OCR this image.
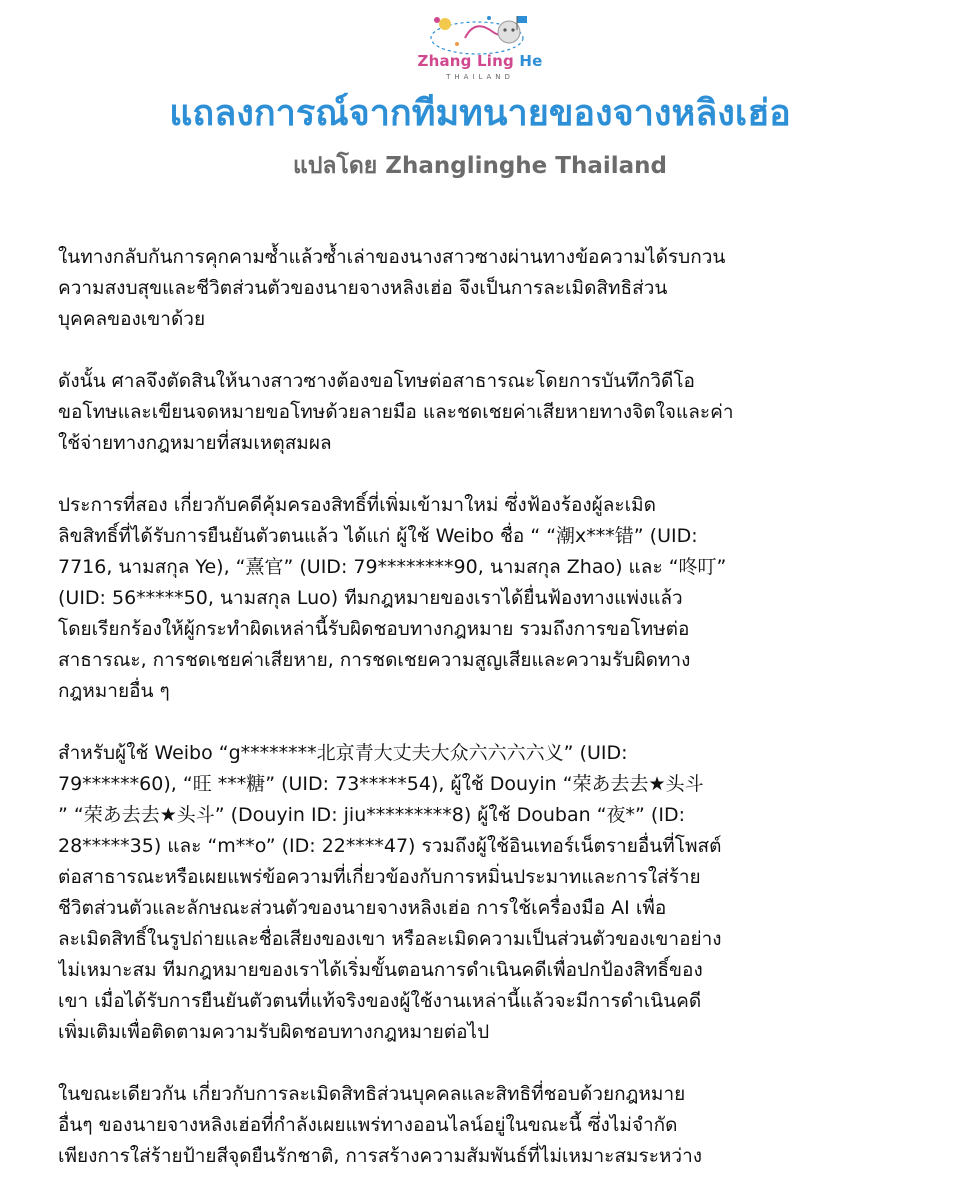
Zhang Ling He
THAILAND
แถลงการณ์จากทีมทนายของจางหลิงเฮ่อ
แปลโดย Zhanglinghe Thailand
ในทางกลับกันการคุกคามซ้ำแล้วซ้ำเล่าของนางสาวซางผ่านทางข้อความได้รบกวน
ความสงบสุขและชีวิตส่วนตัวของนายจางหลิงเฮ่อ จึงเป็นการละเมิดสิทธิส่วน
บุคคลของเขาด้วย
ดังนั้น ศาลจึงตัดสินให้นางสาวซางต้องขอโทษต่อสาธารณะโดยการบันทึกวิดีโอ
ขอโทษและเขียนจดหมายขอโทษด้วยลายมือ และชดเชยค่าเสียหายทางจิตใจและค่า
ใช้จ่ายทางกฎหมายที่สมเหตุสมผล
ประการที่สอง เกี่ยวกับคดีคุ้มครองสิทธิ์ที่เพิ่มเข้ามาใหม่ ซึ่งฟ้องร้องผู้ละเมิด
ลิขสิทธิ์ที่ได้รับการยืนยันตัวตนแล้ว ได้แก่ ผู้ใช้ Weibo ชื่อ “ “潮x***错” (UID:
7716, นามสกุล Ye), “熹官” (UID: 79********90, นามสกุล Zhao) และ “咚叮”
(UID: 56*****50, นามสกุล Luo) ทีมกฎหมายของเราได้ยื่นฟ้องทางแพ่งแล้ว
โดยเรียกร้องให้ผู้กระทำผิดเหล่านี้รับผิดชอบทางกฎหมาย รวมถึงการขอโทษต่อ
สาธารณะ, การชดเชยค่าเสียหาย, การชดเชยความสูญเสียและความรับผิดทาง
กฎหมายอื่น ๆ
สำหรับผู้ใช้ Weibo “g********北京青大丈夫大众六六六六义” (UID:
79******60), “旺 ***糖” (UID: 73*****54), ผู้ใช้ Douyin “荣あ去去★头斗
” “荣あ去去★头斗” (Douyin ID: jiu*********8) ผู้ใช้ Douban “夜*” (ID:
28*****35) และ “m**o” (ID: 22****47) รวมถึงผู้ใช้อินเทอร์เน็ตรายอื่นที่โพสต์
ต่อสาธารณะหรือเผยแพร่ข้อความที่เกี่ยวข้องกับการหมิ่นประมาทและการใส่ร้าย
ชีวิตส่วนตัวและลักษณะส่วนตัวของนายจางหลิงเฮ่อ การใช้เครื่องมือ AI เพื่อ
ละเมิดสิทธิ์ในรูปถ่ายและชื่อเสียงของเขา หรือละเมิดความเป็นส่วนตัวของเขาอย่าง
ไม่เหมาะสม ทีมกฎหมายของเราได้เริ่มขั้นตอนการดำเนินคดีเพื่อปกป้องสิทธิ์ของ
เขา เมื่อได้รับการยืนยันตัวตนที่แท้จริงของผู้ใช้งานเหล่านี้แล้วจะมีการดำเนินคดี
เพิ่มเติมเพื่อติดตามความรับผิดชอบทางกฎหมายต่อไป
ในขณะเดียวกัน เกี่ยวกับการละเมิดสิทธิส่วนบุคคลและสิทธิที่ชอบด้วยกฎหมาย
อื่นๆ ของนายจางหลิงเฮ่อที่กำลังเผยแพร่ทางออนไลน์อยู่ในขณะนี้ ซึ่งไม่จำกัด
เพียงการใส่ร้ายป้ายสีจุดยืนรักชาติ, การสร้างความสัมพันธ์ที่ไม่เหมาะสมระหว่าง
